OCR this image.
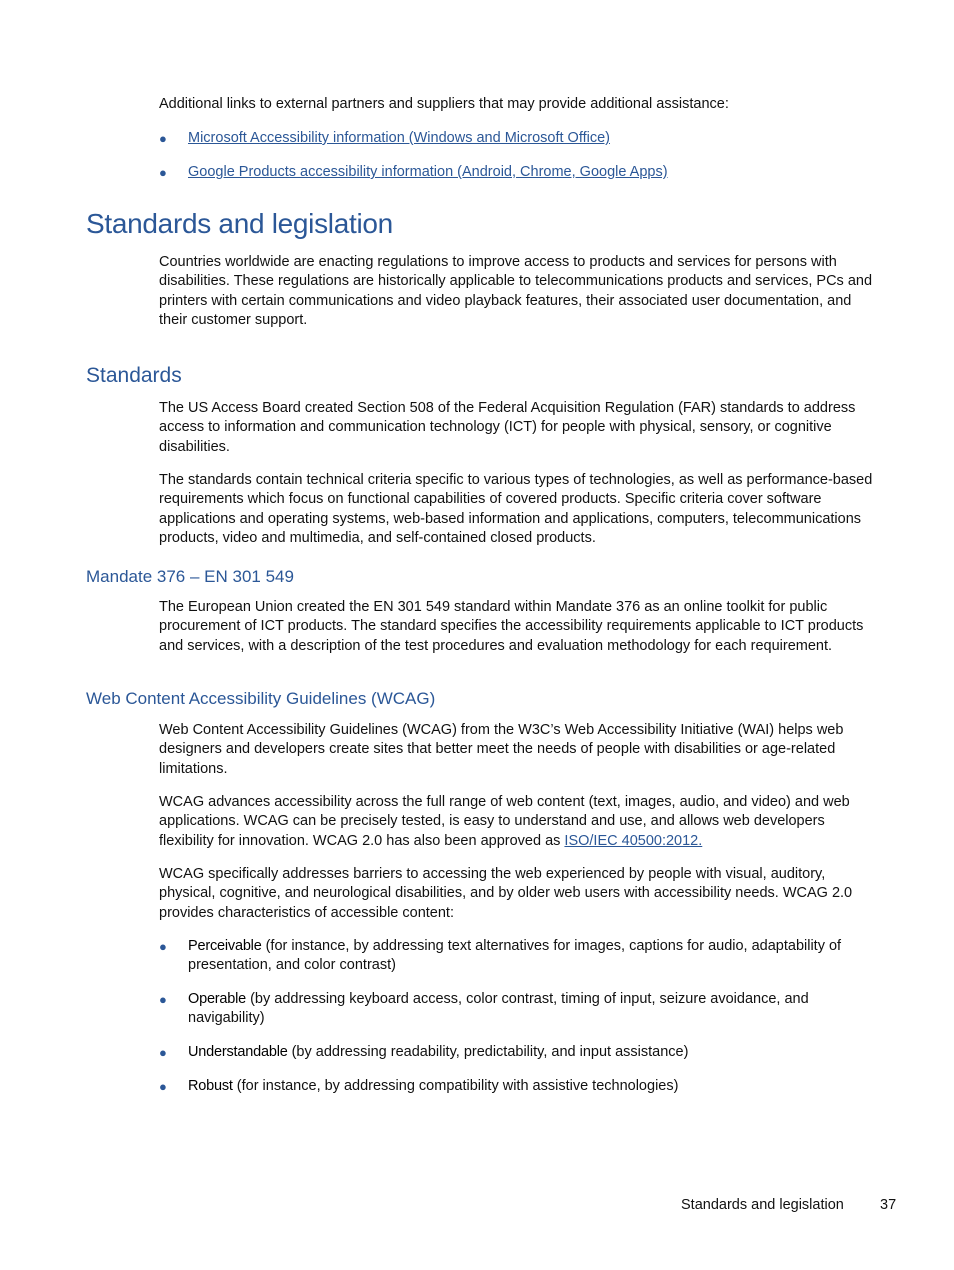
Additional links to external partners and suppliers that may provide additional assistance:

● Microsoft Accessibility information (Windows and Microsoft Office)
● Google Products accessibility information (Android, Chrome, Google Apps)
Standards and legislation

Countries worldwide are enacting regulations to improve access to products and services for persons with disabilities. These regulations are historically applicable to telecommunications products and services, PCs and printers with certain communications and video playback features, their associated user documentation, and their customer support.

Standards

The US Access Board created Section 508 of the Federal Acquisition Regulation (FAR) standards to address access to information and communication technology (ICT) for people with physical, sensory, or cognitive disabilities.

The standards contain technical criteria specific to various types of technologies, as well as performance-based requirements which focus on functional capabilities of covered products. Specific criteria cover software applications and operating systems, web-based information and applications, computers, telecommunications products, video and multimedia, and self-contained closed products.

Mandate 376 – EN 301 549

The European Union created the EN 301 549 standard within Mandate 376 as an online toolkit for public procurement of ICT products. The standard specifies the accessibility requirements applicable to ICT products and services, with a description of the test procedures and evaluation methodology for each requirement.

Web Content Accessibility Guidelines (WCAG)

Web Content Accessibility Guidelines (WCAG) from the W3C’s Web Accessibility Initiative (WAI) helps web designers and developers create sites that better meet the needs of people with disabilities or age-related limitations.

WCAG advances accessibility across the full range of web content (text, images, audio, and video) and web applications. WCAG can be precisely tested, is easy to understand and use, and allows web developers flexibility for innovation. WCAG 2.0 has also been approved as ISO/IEC 40500:2012.

WCAG specifically addresses barriers to accessing the web experienced by people with visual, auditory, physical, cognitive, and neurological disabilities, and by older web users with accessibility needs. WCAG 2.0 provides characteristics of accessible content:

● Perceivable (for instance, by addressing text alternatives for images, captions for audio, adaptability of presentation, and color contrast)
● Operable (by addressing keyboard access, color contrast, timing of input, seizure avoidance, and navigability)
● Understandable (by addressing readability, predictability, and input assistance)
● Robust (for instance, by addressing compatibility with assistive technologies)
Standards and legislation 37
